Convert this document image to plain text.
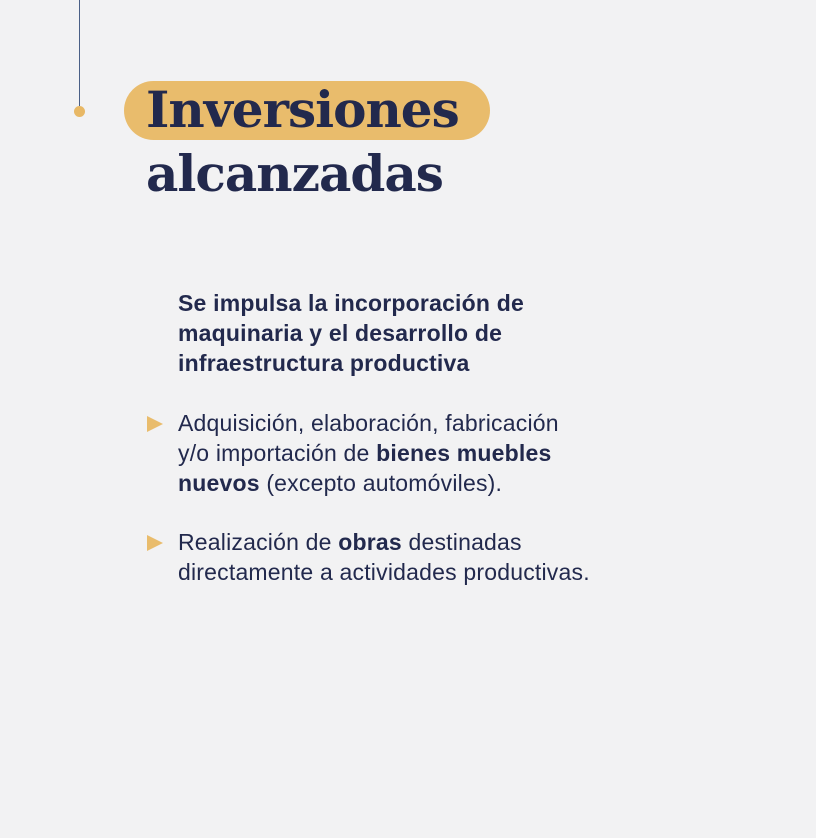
Inversiones
alcanzadas

Se impulsa la incorporación de
maquinaria y el desarrollo de
infraestructura productiva

Adquisición, elaboración, fabricación
y/o importación de bienes muebles
nuevos (excepto automóviles).
Realización de obras destinadas
directamente a actividades productivas.
